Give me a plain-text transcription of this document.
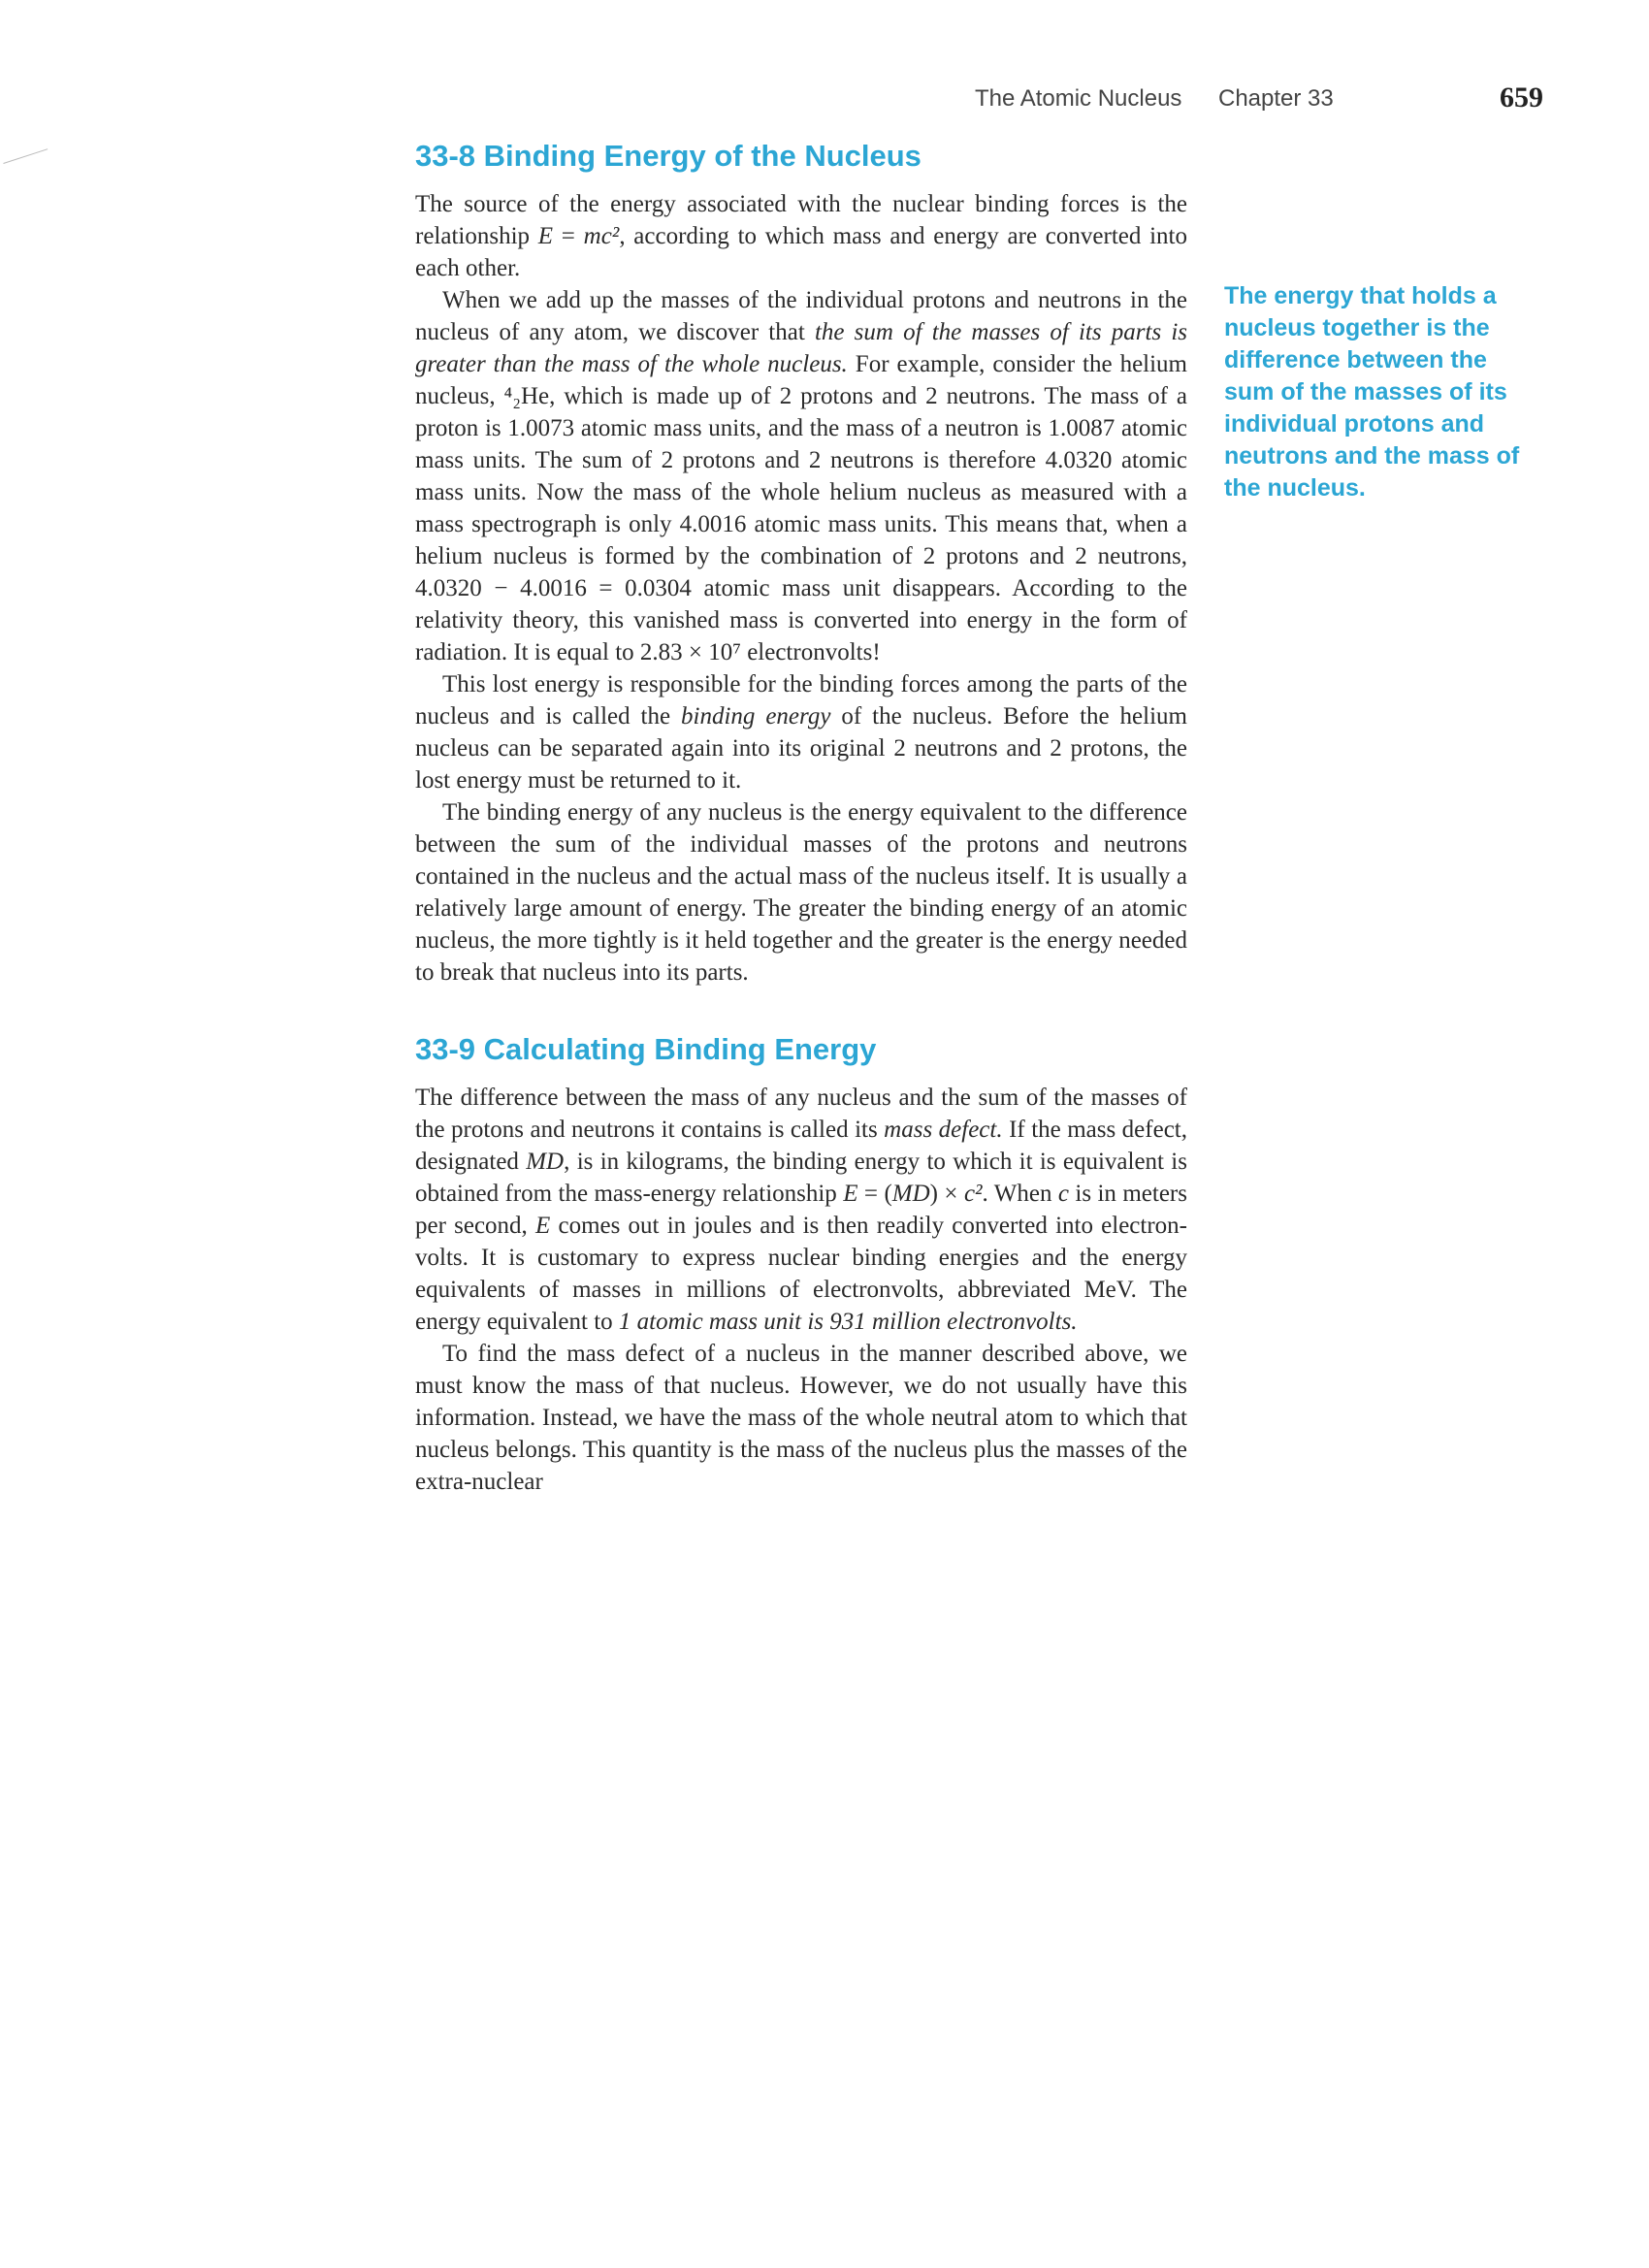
The Atomic Nucleus Chapter 33	659
33-8 Binding Energy of the Nucleus

The source of the energy associated with the nuclear binding forces is the relationship E = mc², according to which mass and energy are converted into each other.

When we add up the masses of the individual protons and neutrons in the nucleus of any atom, we discover that the sum of the masses of its parts is greater than the mass of the whole nucleus. For example, consider the helium nucleus, ⁴₂He, which is made up of 2 protons and 2 neutrons. The mass of a proton is 1.0073 atomic mass units, and the mass of a neutron is 1.0087 atomic mass units. The sum of 2 protons and 2 neutrons is therefore 4.0320 atomic mass units. Now the mass of the whole helium nucleus as measured with a mass spectrograph is only 4.0016 atomic mass units. This means that, when a helium nucleus is formed by the combination of 2 protons and 2 neutrons, 4.0320 − 4.0016 = 0.0304 atomic mass unit disappears. According to the relativity theory, this vanished mass is converted into energy in the form of radiation. It is equal to 2.83 × 10⁷ electronvolts!

This lost energy is responsible for the binding forces among the parts of the nucleus and is called the binding energy of the nucleus. Before the helium nucleus can be separated again into its original 2 neutrons and 2 protons, the lost energy must be returned to it.

The binding energy of any nucleus is the energy equivalent to the difference between the sum of the individual masses of the protons and neutrons contained in the nucleus and the actual mass of the nucleus itself. It is usually a relatively large amount of energy. The greater the binding energy of an atomic nucleus, the more tightly is it held together and the greater is the energy needed to break that nucleus into its parts.

33-9 Calculating Binding Energy

The difference between the mass of any nucleus and the sum of the masses of the protons and neutrons it contains is called its mass defect. If the mass defect, designated MD, is in kilograms, the binding energy to which it is equivalent is obtained from the mass-energy relationship E = (MD) × c². When c is in meters per second, E comes out in joules and is then readily converted into electronvolts. It is customary to express nuclear binding energies and the energy equivalents of masses in millions of electronvolts, abbreviated MeV. The energy equivalent to 1 atomic mass unit is 931 million electronvolts.

To find the mass defect of a nucleus in the manner described above, we must know the mass of that nucleus. However, we do not usually have this information. Instead, we have the mass of the whole neutral atom to which that nucleus belongs. This quantity is the mass of the nucleus plus the masses of the extra-nuclear

The energy that holds a nucleus together is the difference between the sum of the masses of its individual protons and neutrons and the mass of the nucleus.
